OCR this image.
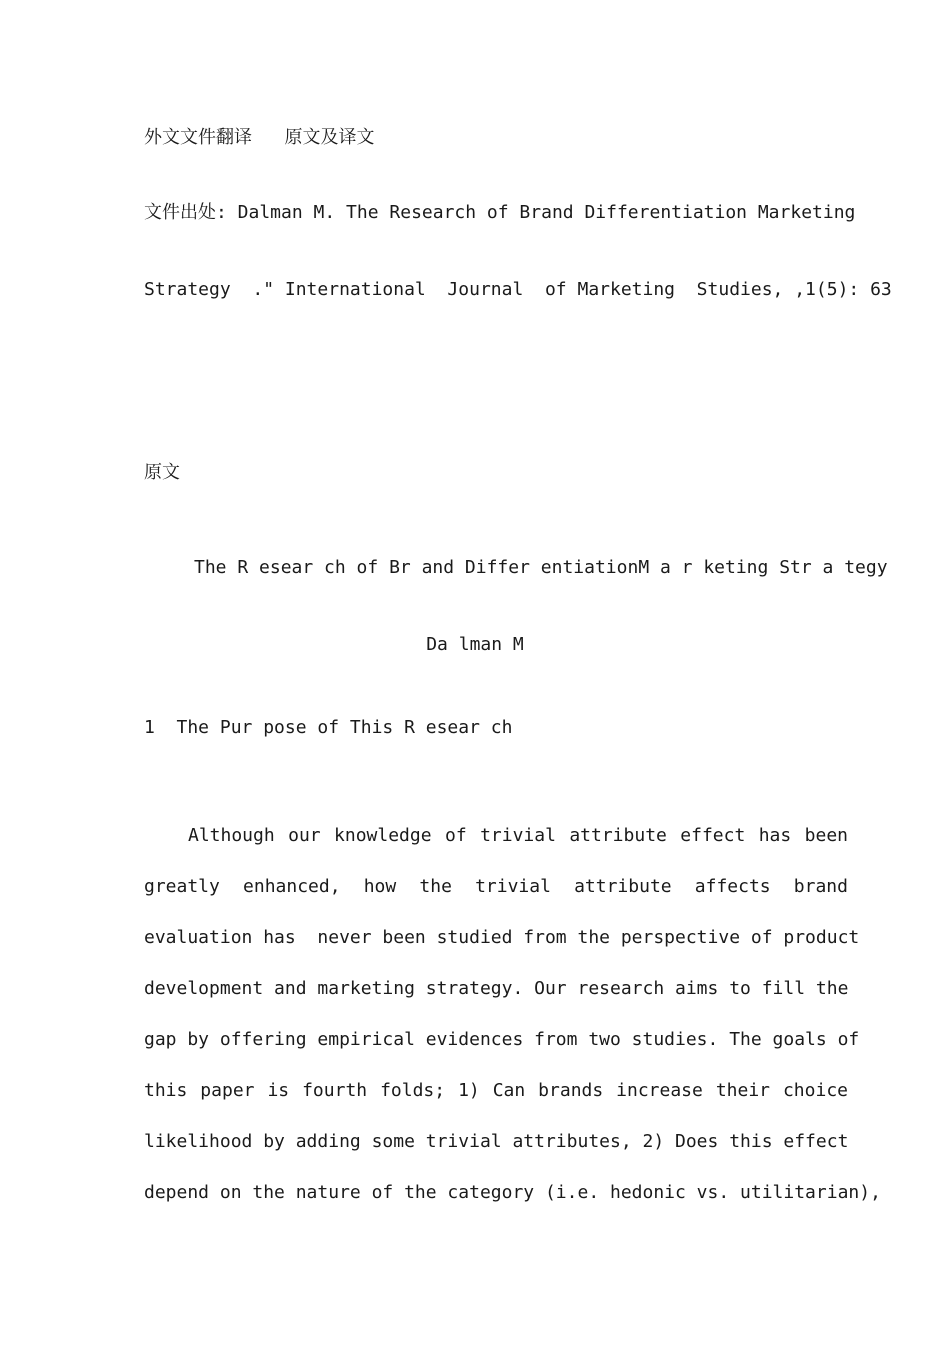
外文文件翻译   原文及译文
文件出处: Dalman M. The Research of Brand Differentiation Marketing
Strategy  ." International  Journal  of Marketing  Studies, ,1(5): 63
原文
The R esear ch of Br and Differ entiationM a r keting Str a tegy
Da lman M
1  The Pur pose of This R esear ch
Although our knowledge of trivial attribute effect has been
greatly enhanced, how the trivial attribute affects brand
evaluation has  never been studied from the perspective of product
development and marketing strategy. Our research aims to fill the
gap by offering empirical evidences from two studies. The goals of
this paper is fourth folds; 1) Can brands increase their choice
likelihood by adding some trivial attributes, 2) Does this effect
depend on the nature of the category (i.e. hedonic vs. utilitarian),
